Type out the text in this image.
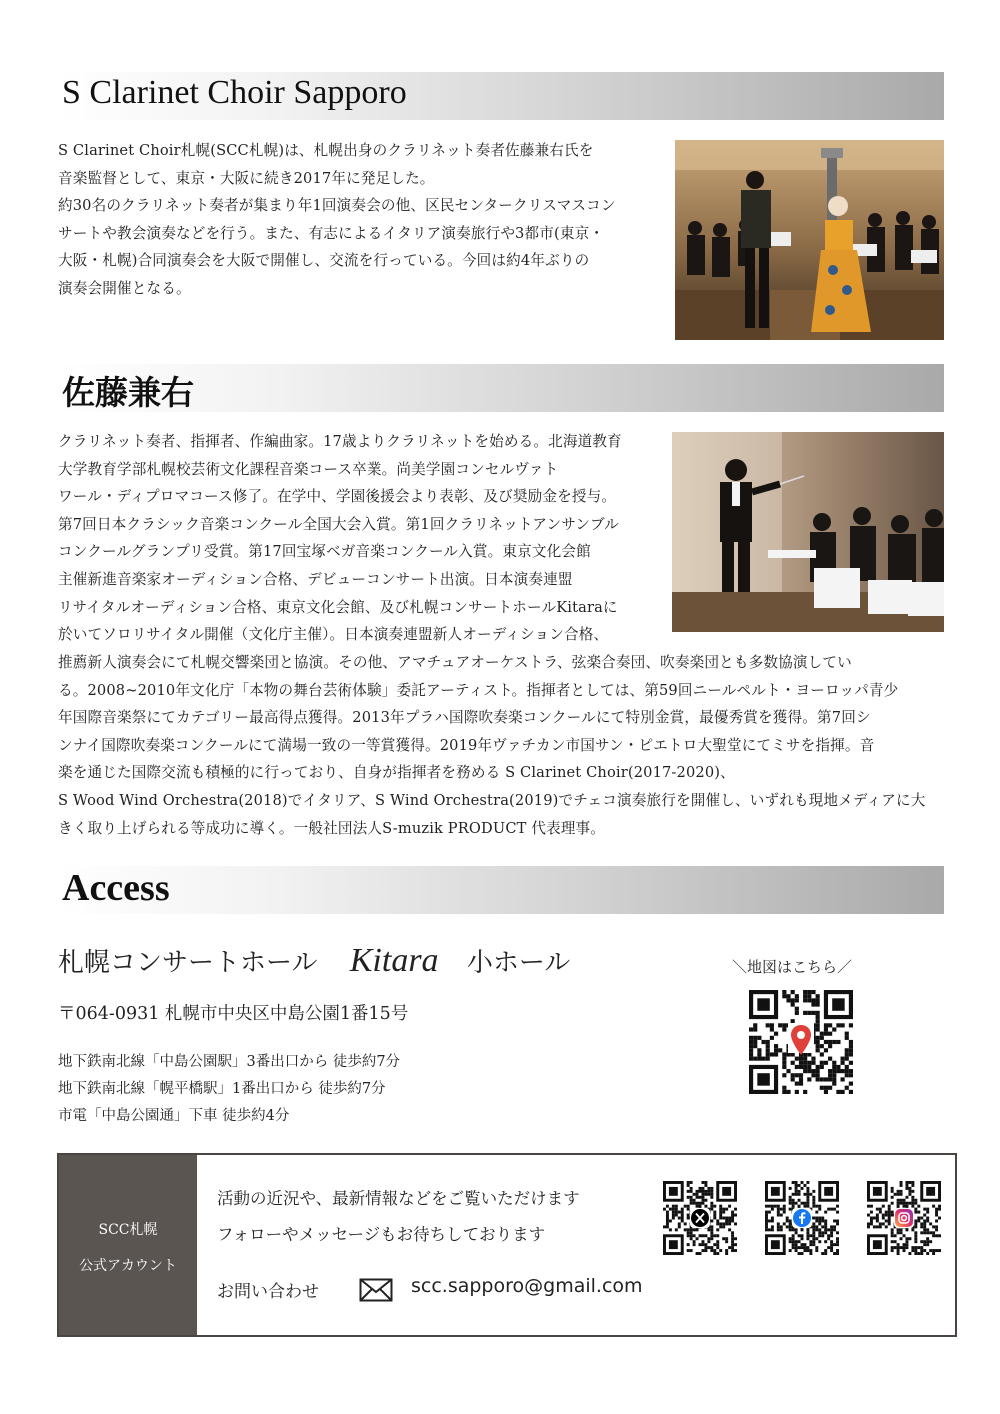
S Clarinet Choir Sapporo

S Clarinet Choir札幌(SCC札幌)は、札幌出身のクラリネット奏者佐藤兼右氏を

音楽監督として、東京・大阪に続き2017年に発足した。

約30名のクラリネット奏者が集まり年1回演奏会の他、区民センタークリスマスコン

サートや教会演奏などを行う。また、有志によるイタリア演奏旅行や3都市(東京・

大阪・札幌)合同演奏会を大阪で開催し、交流を行っている。今回は約4年ぶりの

演奏会開催となる。

佐藤兼右

クラリネット奏者、指揮者、作編曲家。17歳よりクラリネットを始める。北海道教育

大学教育学部札幌校芸術文化課程音楽コース卒業。尚美学園コンセルヴァト

ワール・ディプロマコース修了。在学中、学園後援会より表彰、及び奨励金を授与。

第7回日本クラシック音楽コンクール全国大会入賞。第1回クラリネットアンサンブル

コンクールグランプリ受賞。第17回宝塚ベガ音楽コンクール入賞。東京文化会館

主催新進音楽家オーディション合格、デビューコンサート出演。日本演奏連盟

リサイタルオーディション合格、東京文化会館、及び札幌コンサートホールKitaraに

於いてソロリサイタル開催（文化庁主催）。日本演奏連盟新人オーディション合格、

推薦新人演奏会にて札幌交響楽団と協演。その他、アマチュアオーケストラ、弦楽合奏団、吹奏楽団とも多数協演してい

る。2008~2010年文化庁「本物の舞台芸術体験」委託アーティスト。指揮者としては、第59回ニールペルト・ヨーロッパ青少

年国際音楽祭にてカテゴリー最高得点獲得。2013年プラハ国際吹奏楽コンクールにて特別金賞，最優秀賞を獲得。第7回シ

ンナイ国際吹奏楽コンクールにて満場一致の一等賞獲得。2019年ヴァチカン市国サン・ピエトロ大聖堂にてミサを指揮。音

楽を通じた国際交流も積極的に行っており、自身が指揮者を務める S Clarinet Choir(2017-2020)、

S Wood Wind Orchestra(2018)でイタリア、S Wind Orchestra(2019)でチェコ演奏旅行を開催し、いずれも現地メディアに大

きく取り上げられる等成功に導く。一般社団法人S-muzik PRODUCT 代表理事。

Access
札幌コンサートホール Kitara 小ホール
〒064-0931 札幌市中央区中島公園1番15号

地下鉄南北線「中島公園駅」3番出口から 徒歩約7分

地下鉄南北線「幌平橋駅」1番出口から 徒歩約7分

市電「中島公園通」下車 徒歩約4分

＼地図はこちら／
SCC札幌
公式アカウント
活動の近況や、最新情報などをご覧いただけます
フォローやメッセージもお待ちしております
お問い合わせ	scc.sapporo@gmail.com
